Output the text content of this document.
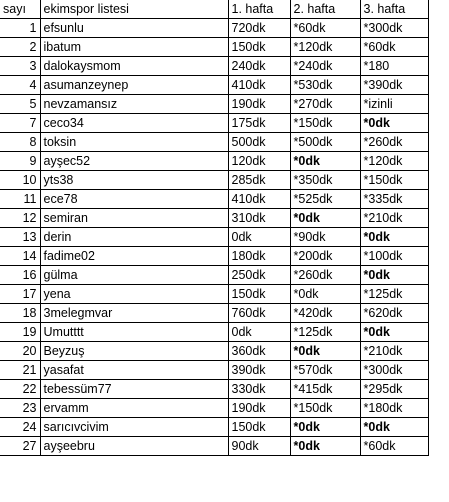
sayı	ekimspor listesi	1. hafta	2. hafta	3. hafta
1	efsunlu	720dk	*60dk	*300dk
2	ibatum	150dk	*120dk	*60dk
3	dalokaysmom	240dk	*240dk	*180
4	asumanzeynep	410dk	*530dk	*390dk
5	nevzamansız	190dk	*270dk	*izinli
7	ceco34	175dk	*150dk	*0dk
8	toksin	500dk	*500dk	*260dk
9	ayşec52	120dk	*0dk	*120dk
10	yts38	285dk	*350dk	*150dk
11	ece78	410dk	*525dk	*335dk
12	semiran	310dk	*0dk	*210dk
13	derin	0dk	*90dk	*0dk
14	fadime02	180dk	*200dk	*100dk
16	gülma	250dk	*260dk	*0dk
17	yena	150dk	*0dk	*125dk
18	3melegmvar	760dk	*420dk	*620dk
19	Umutttt	0dk	*125dk	*0dk
20	Beyzuş	360dk	*0dk	*210dk
21	yasafat	390dk	*570dk	*300dk
22	tebessüm77	330dk	*415dk	*295dk
23	ervamm	190dk	*150dk	*180dk
24	sarıcıvcivim	150dk	*0dk	*0dk
27	ayşeebru	90dk	*0dk	*60dk
